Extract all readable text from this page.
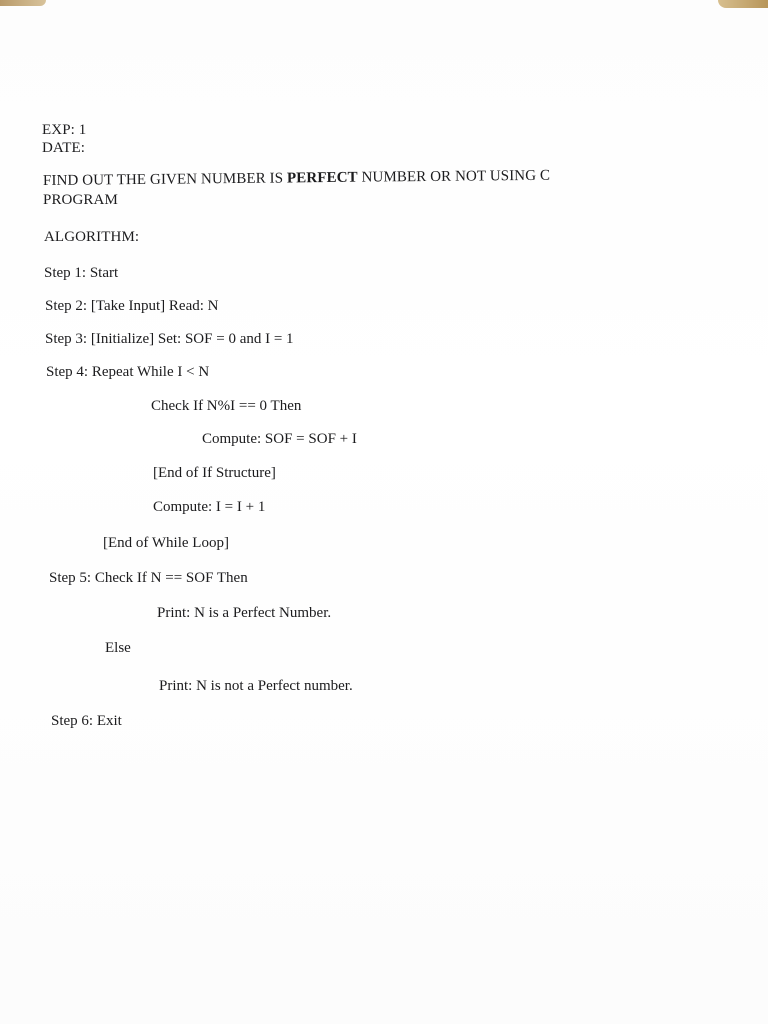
EXP: 1
DATE:
FIND OUT THE GIVEN NUMBER IS PERFECT NUMBER OR NOT USING C
PROGRAM
ALGORITHM:
Step 1: Start
Step 2: [Take Input] Read: N
Step 3: [Initialize] Set: SOF = 0 and I = 1
Step 4: Repeat While I < N
Check If N%I == 0 Then
Compute: SOF = SOF + I
[End of If Structure]
Compute: I = I + 1
[End of While Loop]
Step 5: Check If N == SOF Then
Print: N is a Perfect Number.
Else
Print: N is not a Perfect number.
Step 6: Exit
